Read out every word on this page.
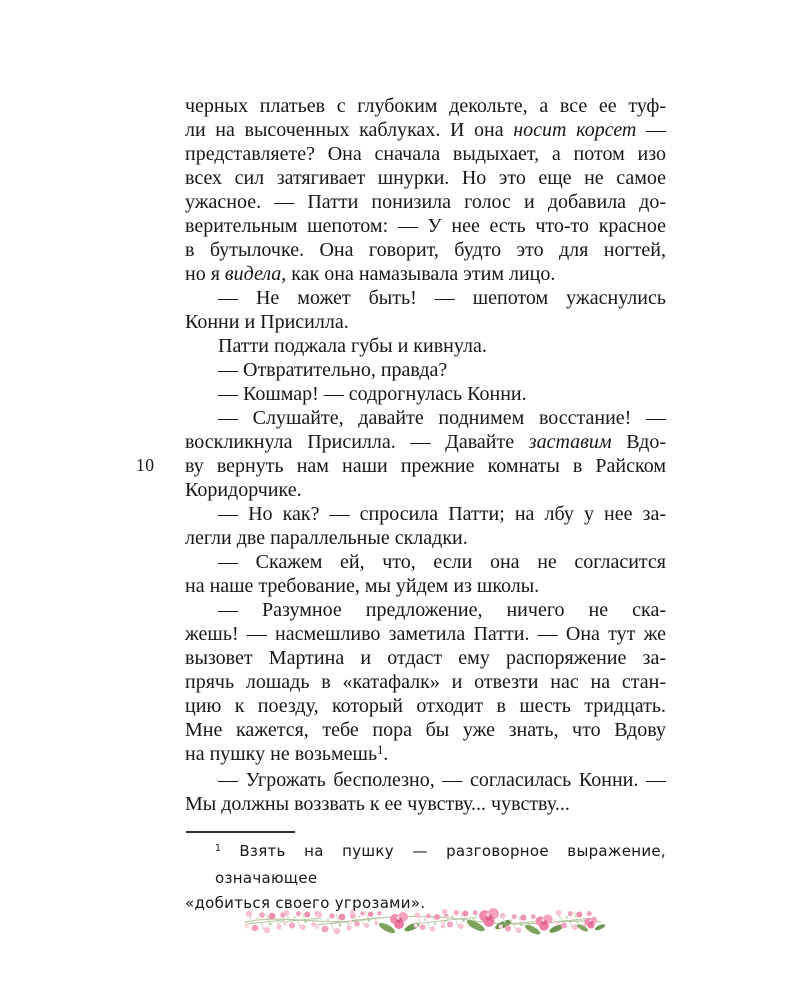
10
черных платьев с глубоким декольте, а все ее туф-
ли на высоченных каблуках. И она носит корсет —
представляете? Она сначала выдыхает, а потом изо
всех сил затягивает шнурки. Но это еще не самое
ужасное. — Патти понизила голос и добавила до-
верительным шепотом: — У нее есть что-то красное
в бутылочке. Она говорит, будто это для ногтей,
но я видела, как она намазывала этим лицо.
— Не может быть! — шепотом ужаснулись
Конни и Присилла.
Патти поджала губы и кивнула.
— Отвратительно, правда?
— Кошмар! — содрогнулась Конни.
— Слушайте, давайте поднимем восстание! —
воскликнула Присилла. — Давайте заставим Вдо-
ву вернуть нам наши прежние комнаты в Райском
Коридорчике.
— Но как? — спросила Патти; на лбу у нее за-
легли две параллельные складки.
— Скажем ей, что, если она не согласится
на наше требование, мы уйдем из школы.
— Разумное предложение, ничего не ска-
жешь! — насмешливо заметила Патти. — Она тут же
вызовет Мартина и отдаст ему распоряжение за-
прячь лошадь в «катафалк» и отвезти нас на стан-
цию к поезду, который отходит в шесть тридцать.
Мне кажется, тебе пора бы уже знать, что Вдову
на пушку не возьмешь$^1$.
— Угрожать бесполезно, — согласилась Конни. —
Мы должны воззвать к ее чувству... чувству...
$^1$ Взять на пушку — разговорное выражение, означающее
«добиться своего угрозами».
